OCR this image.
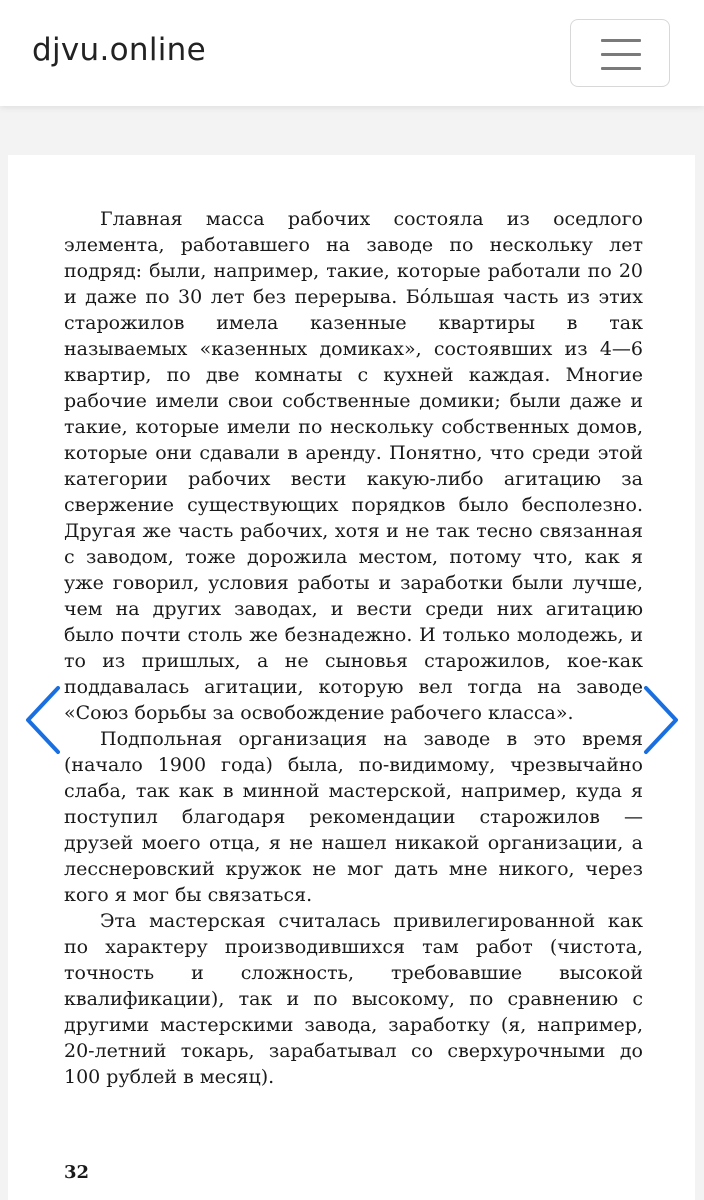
djvu.online

Главная масса рабочих состояла из оседлого элемента, работавшего на заводе по нескольку лет подряд: были, например, такие, которые работали по 20 и даже по 30 лет без перерыва. Бóльшая часть из этих старожилов имела казенные квартиры в так называемых «казенных домиках», состоявших из 4—6 квартир, по две комнаты с кухней каждая. Многие рабочие имели свои собственные домики; были даже и такие, которые имели по нескольку собственных домов, которые они сдавали в аренду. Понятно, что среди этой категории рабочих вести какую-либо агитацию за свержение существующих порядков было бесполезно. Другая же часть рабочих, хотя и не так тесно связанная с заводом, тоже дорожила местом, потому что, как я уже говорил, условия работы и заработки были лучше, чем на других заводах, и вести среди них агитацию было почти столь же безнадежно. И только молодежь, и то из пришлых, а не сыновья старожилов, кое-как поддавалась агитации, которую вел тогда на заводе «Союз борьбы за освобождение рабочего класса».

Подпольная организация на заводе в это время (начало 1900 года) была, по-видимому, чрезвычайно слаба, так как в минной мастерской, например, куда я поступил благодаря рекомендации старожилов — друзей моего отца, я не нашел никакой организации, а лесснеровский кружок не мог дать мне никого, через кого я мог бы связаться.

Эта мастерская считалась привилегированной как по характеру производившихся там работ (чистота, точность и сложность, требовавшие высокой квалификации), так и по высокому, по сравнению с другими мастерскими завода, заработку (я, например, 20-летний токарь, зарабатывал со сверхурочными до 100 рублей в месяц).

32
